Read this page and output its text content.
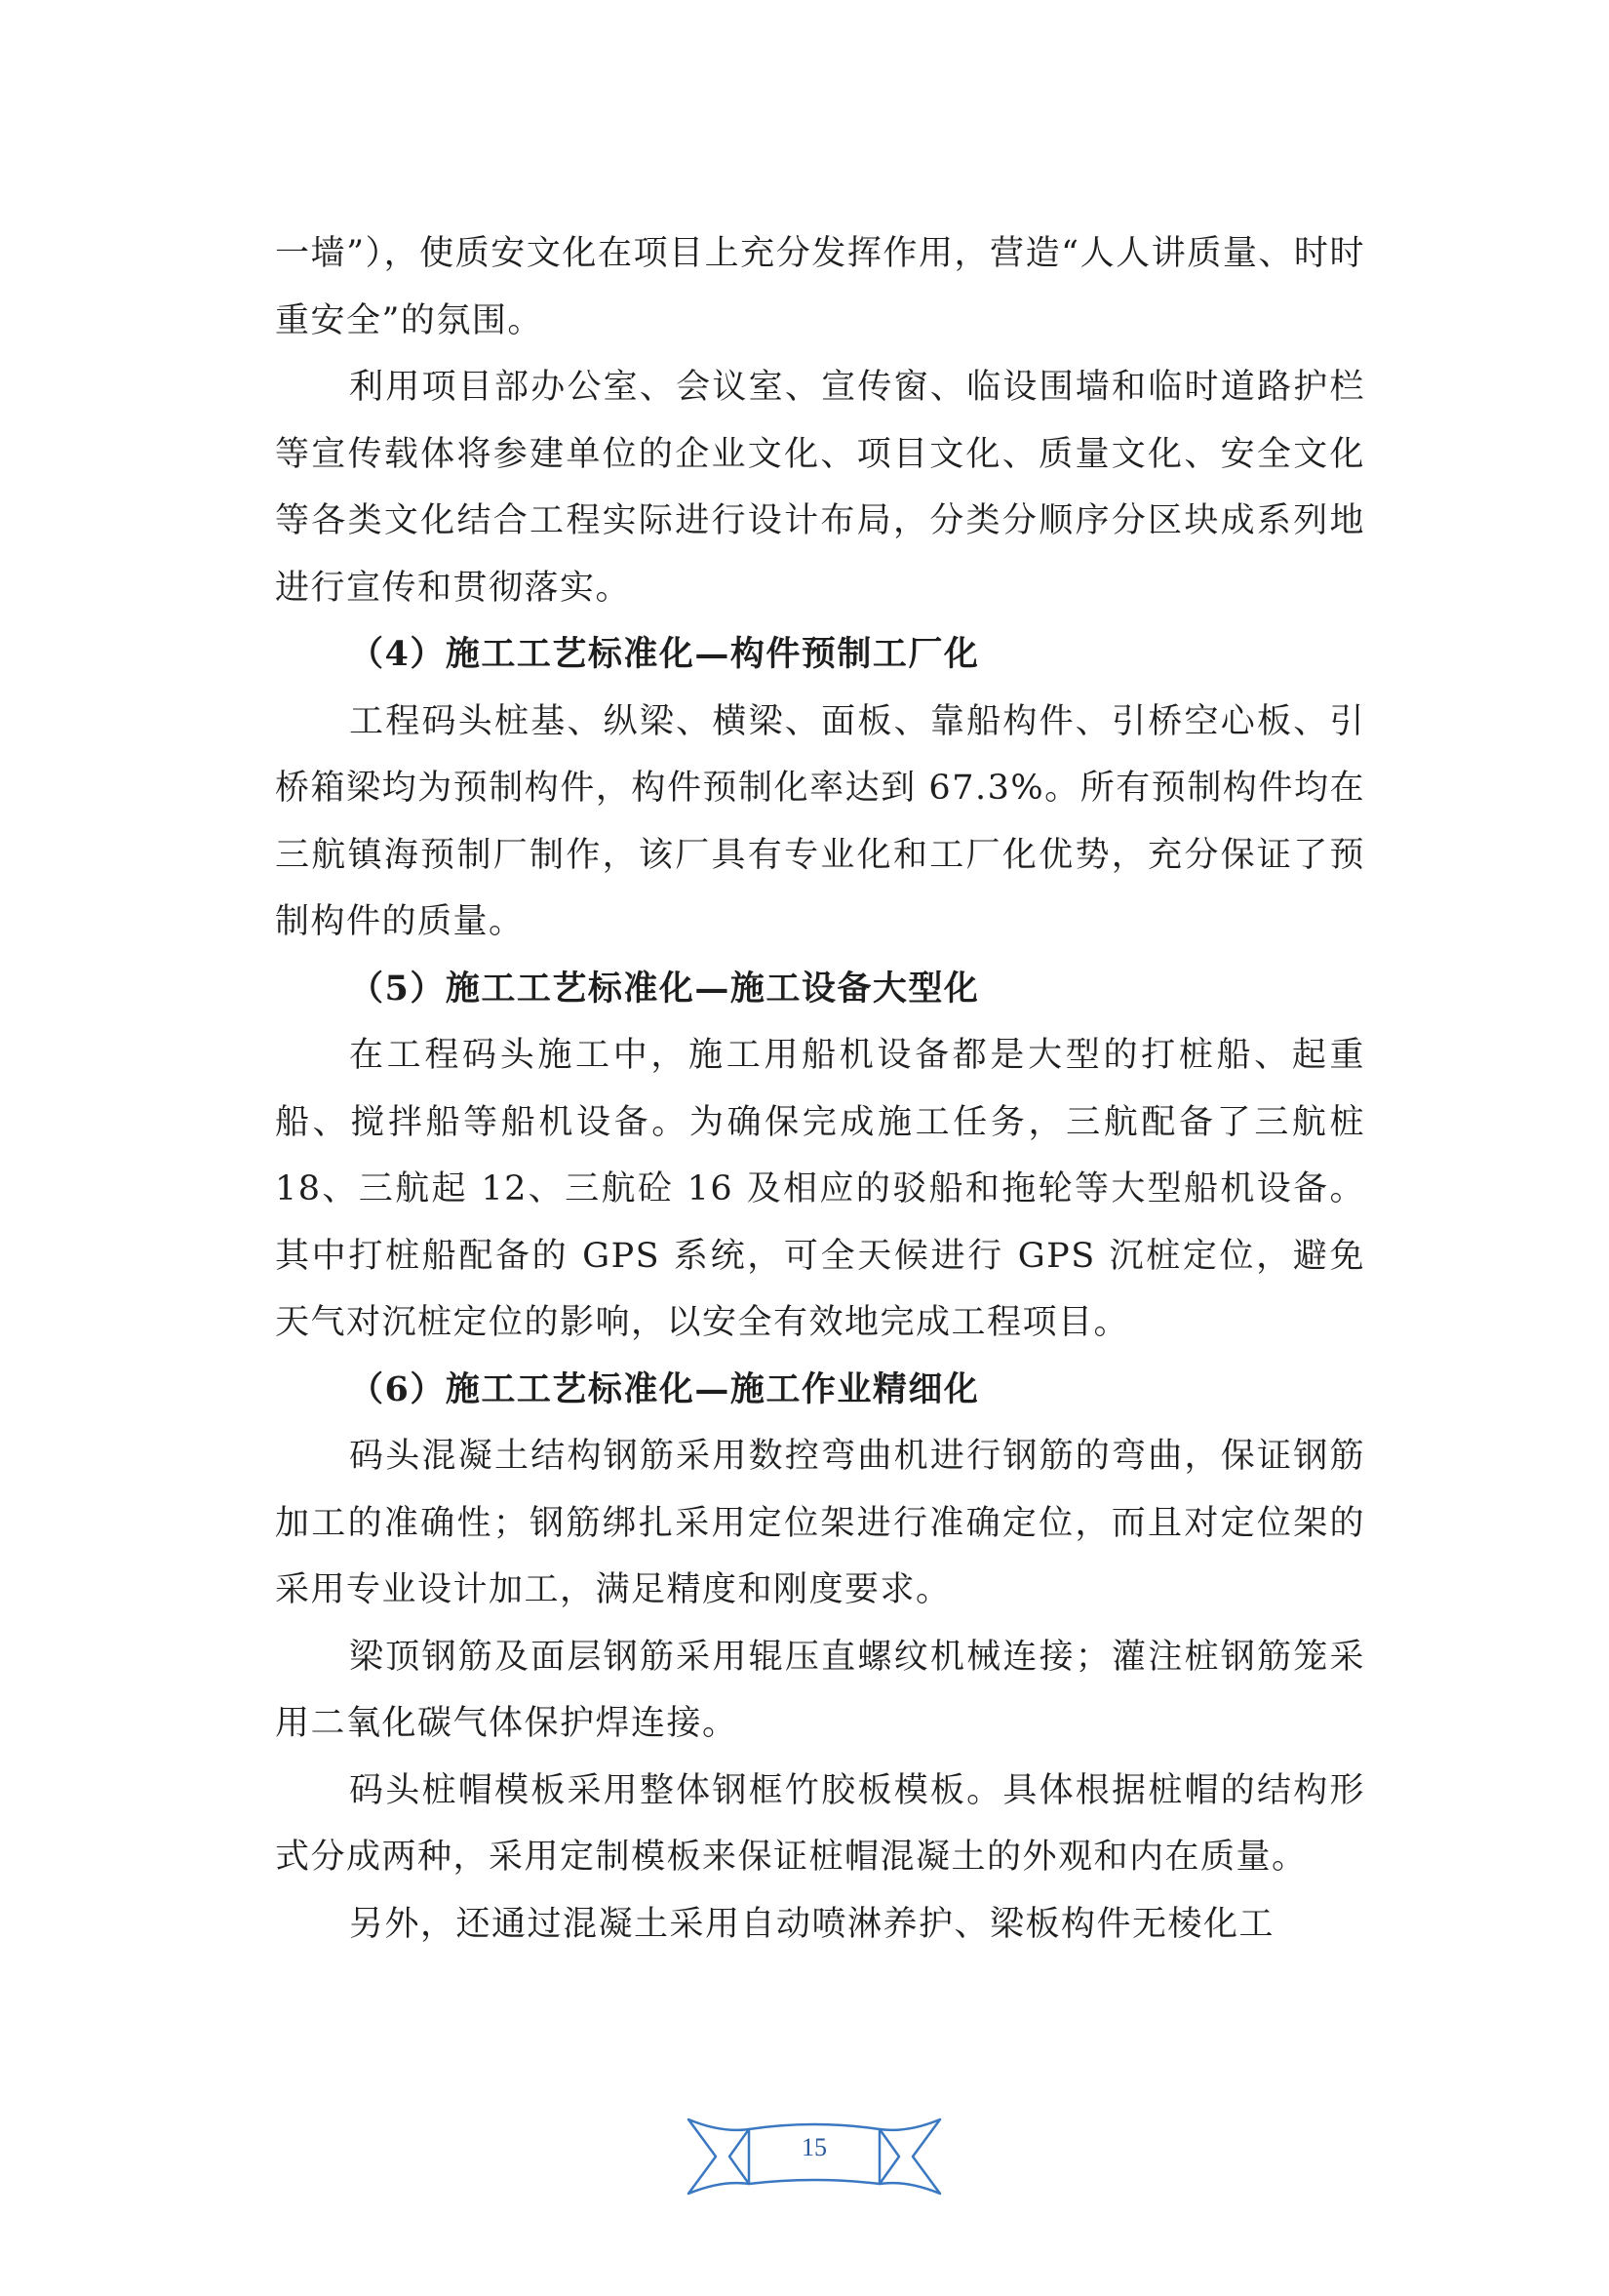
一墙”），使质安文化在项目上充分发挥作用，营造“人人讲质量、时时重安全”的氛围。

利用项目部办公室、会议室、宣传窗、临设围墙和临时道路护栏等宣传载体将参建单位的企业文化、项目文化、质量文化、安全文化等各类文化结合工程实际进行设计布局，分类分顺序分区块成系列地进行宣传和贯彻落实。

（4）施工工艺标准化—构件预制工厂化

工程码头桩基、纵梁、横梁、面板、靠船构件、引桥空心板、引桥箱梁均为预制构件，构件预制化率达到 67.3%。所有预制构件均在三航镇海预制厂制作，该厂具有专业化和工厂化优势，充分保证了预制构件的质量。

（5）施工工艺标准化—施工设备大型化

在工程码头施工中，施工用船机设备都是大型的打桩船、起重船、搅拌船等船机设备。为确保完成施工任务，三航配备了三航桩 18、三航起 12、三航砼 16 及相应的驳船和拖轮等大型船机设备。其中打桩船配备的 GPS 系统，可全天候进行 GPS 沉桩定位，避免天气对沉桩定位的影响，以安全有效地完成工程项目。

（6）施工工艺标准化—施工作业精细化

码头混凝土结构钢筋采用数控弯曲机进行钢筋的弯曲，保证钢筋加工的准确性；钢筋绑扎采用定位架进行准确定位，而且对定位架的采用专业设计加工，满足精度和刚度要求。

梁顶钢筋及面层钢筋采用辊压直螺纹机械连接；灌注桩钢筋笼采用二氧化碳气体保护焊连接。

码头桩帽模板采用整体钢框竹胶板模板。具体根据桩帽的结构形式分成两种，采用定制模板来保证桩帽混凝土的外观和内在质量。

另外，还通过混凝土采用自动喷淋养护、梁板构件无棱化工

15
